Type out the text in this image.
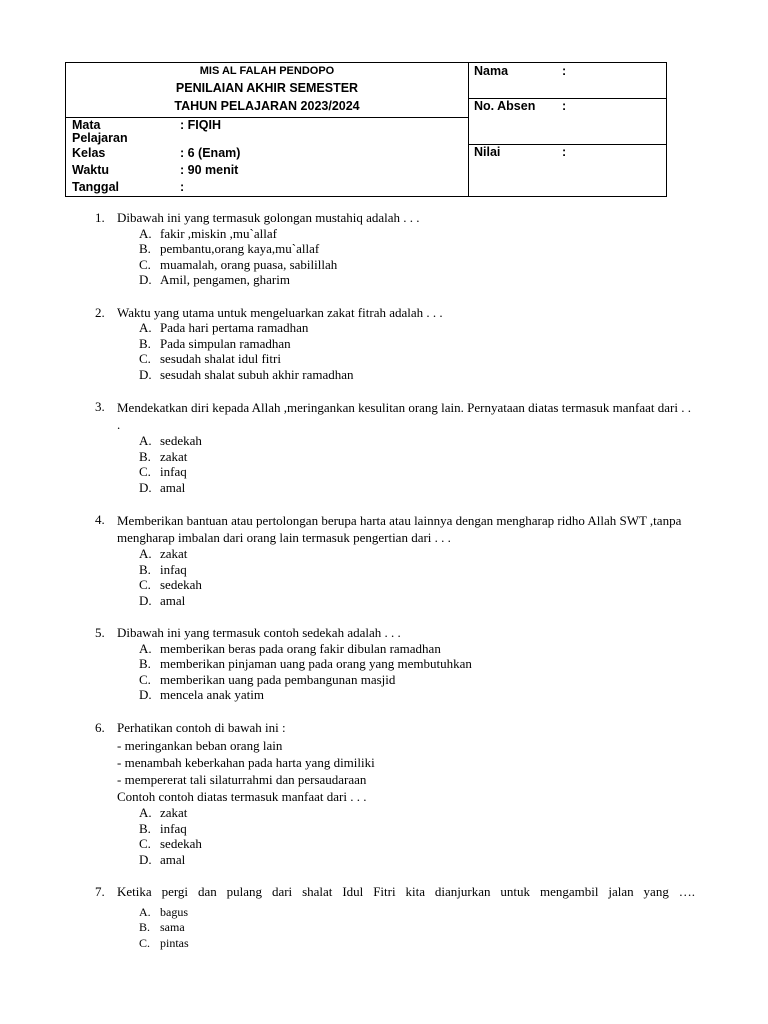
MIS AL FALAH PENDOPO
PENILAIAN AKHIR SEMESTER
TAHUN PELAJARAN 2023/2024
Mata
Pelajaran
: FIQIH
Kelas	: 6 (Enam)
Waktu	: 90 menit
Tanggal	:
Nama	:
No. Absen :
Nilai	:
1. Dibawah ini yang termasuk golongan mustahiq adalah . . .
A. fakir ,miskin ,mu`allaf
B. pembantu,orang kaya,mu`allaf
C. muamalah, orang puasa, sabilillah
D. Amil, pengamen, gharim
2. Waktu yang utama untuk mengeluarkan zakat fitrah adalah . . .
A. Pada hari pertama ramadhan
B. Pada simpulan ramadhan
C. sesudah shalat idul fitri
D. sesudah shalat subuh akhir ramadhan
3. Mendekatkan diri kepada Allah ,meringankan kesulitan orang lain. Pernyataan diatas termasuk manfaat dari . . .
A. sedekah
B. zakat
C. infaq
D. amal
4. Memberikan bantuan atau pertolongan berupa harta atau lainnya dengan mengharap ridho Allah SWT ,tanpa mengharap imbalan dari orang lain termasuk pengertian dari . . .
A. zakat
B. infaq
C. sedekah
D. amal
5. Dibawah ini yang termasuk contoh sedekah adalah . . .
A. memberikan beras pada orang fakir dibulan ramadhan
B. memberikan pinjaman uang pada orang yang membutuhkan
C. memberikan uang pada pembangunan masjid
D. mencela anak yatim
6. Perhatikan contoh di bawah ini :
- meringankan beban orang lain
- menambah keberkahan pada harta yang dimiliki
- mempererat tali silaturrahmi dan persaudaraan
Contoh contoh diatas termasuk manfaat dari . . .
A. zakat
B. infaq
C. sedekah
D. amal
7. Ketika pergi dan pulang dari shalat Idul Fitri kita dianjurkan untuk mengambil jalan yang ….
A. bagus
B. sama
C. pintas
